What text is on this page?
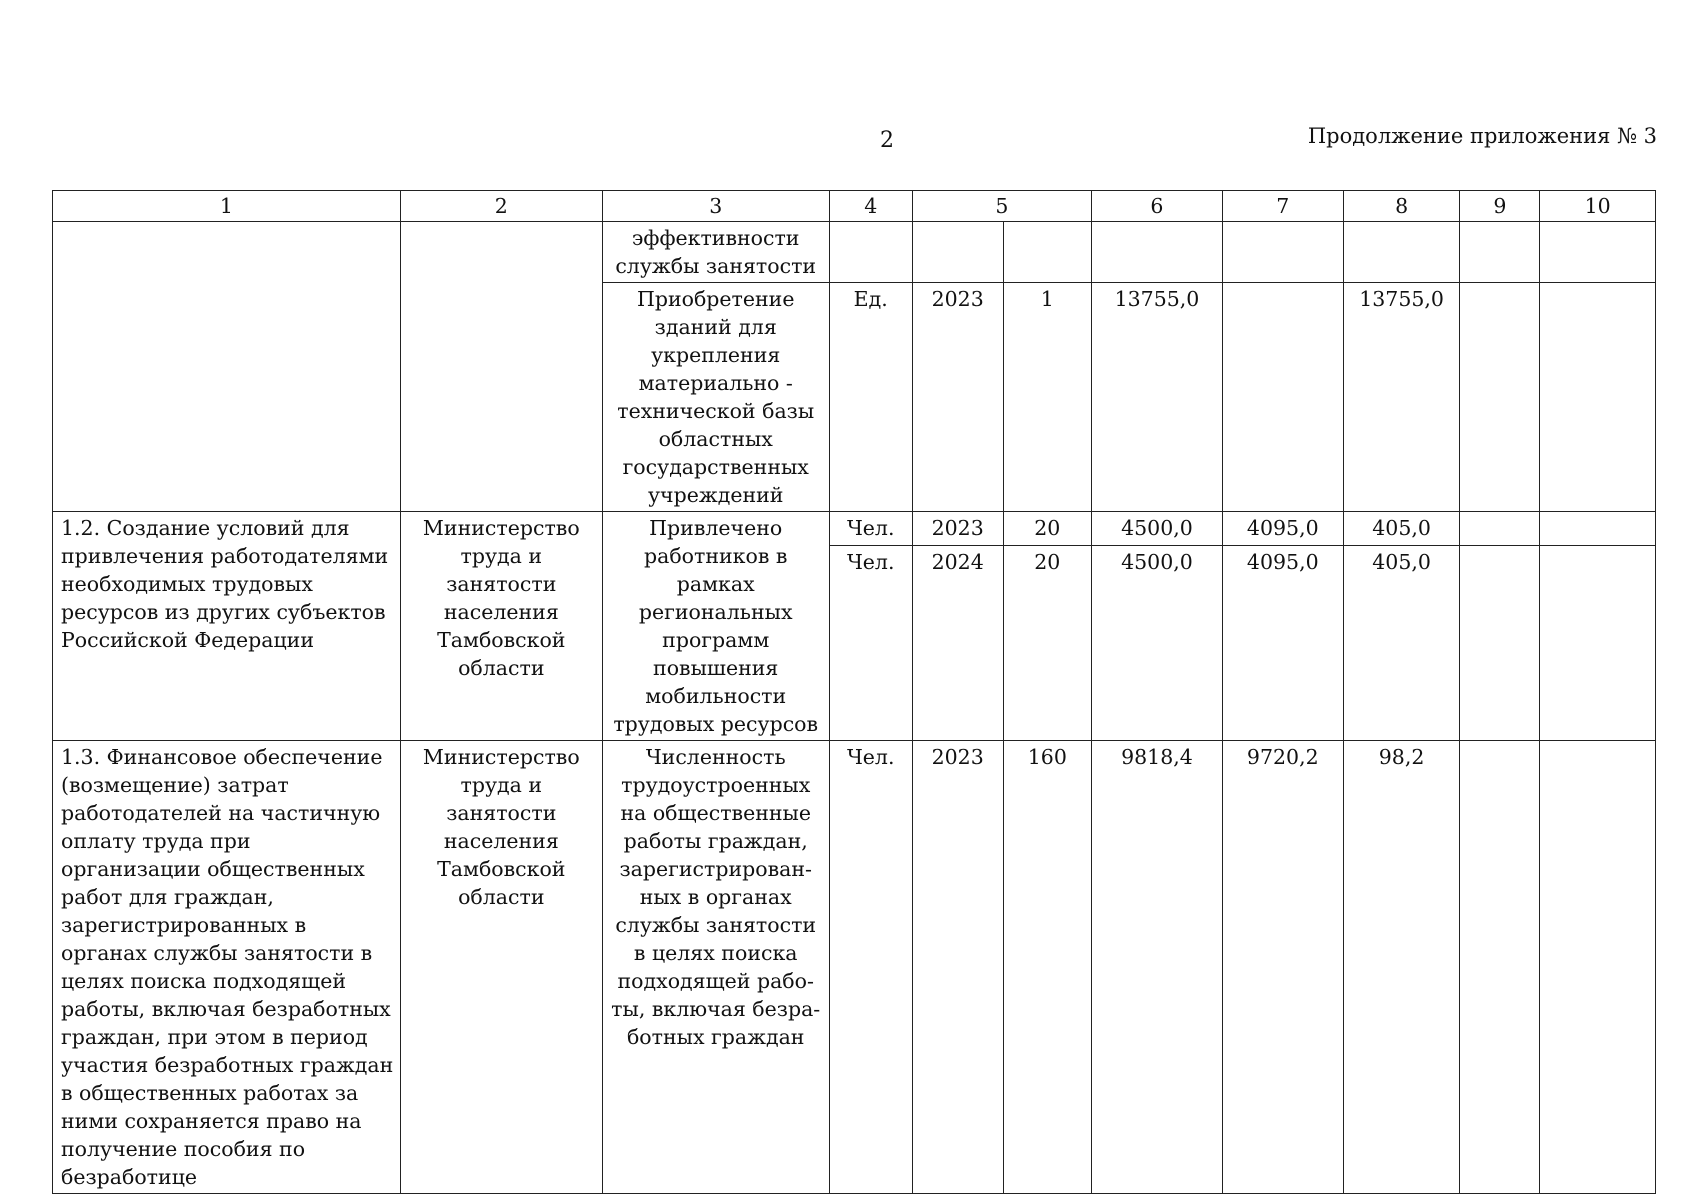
2	Продолжение приложения № 3
1	2	3	4	5		6	7	8	9	10
		эффективности службы занятости								
		Приобретение зданий для укрепления материально - технической базы областных государственных учреждений	Ед.	2023	1	13755,0		13755,0		
1.2. Создание условий для привлечения работодателями необходимых трудовых ресурсов из других субъектов Российской Федерации	Министерство труда и занятости населения Тамбовской области	Привлечено работников в рамках региональных программ повышения мобильности трудовых ресурсов	Чел.	2023	20	4500,0	4095,0	405,0		
			Чел.	2024	20	4500,0	4095,0	405,0		
1.3. Финансовое обеспечение (возмещение) затрат работодателей на частичную оплату труда при организации общественных работ для граждан, зарегистрированных в органах службы занятости в целях поиска подходящей работы, включая безработных граждан, при этом в период участия безработных граждан в общественных работах за ними сохраняется право на получение пособия по безработице	Министерство труда и занятости населения Тамбовской области	Численность трудоустроенных на общественные работы граждан, зарегистрирован-ных в органах службы занятости в целях поиска подходящей рабо-ты, включая безра-ботных граждан	Чел.	2023	160	9818,4	9720,2	98,2		
